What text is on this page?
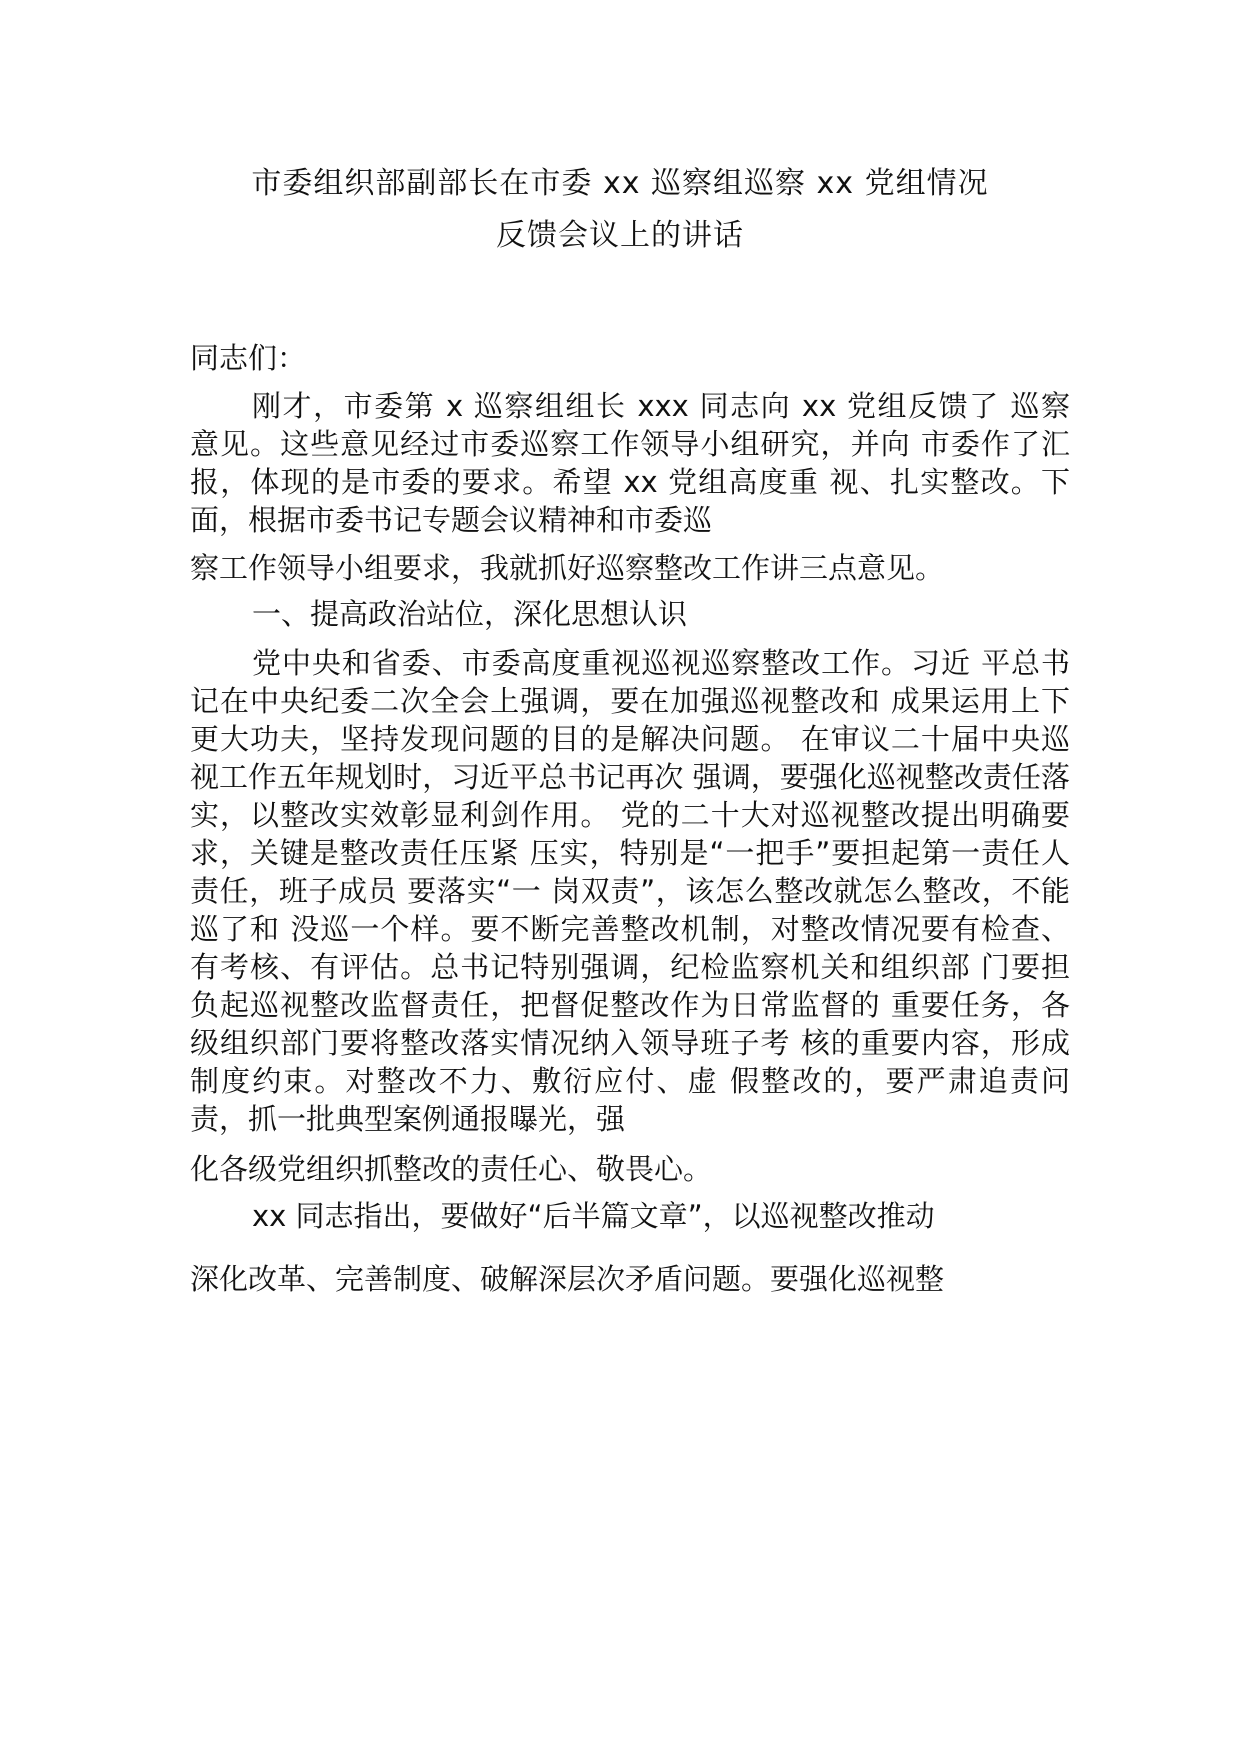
市委组织部副部长在市委 xx 巡察组巡察 xx 党组情况
反馈会议上的讲话
同志们：
刚才，市委第 x 巡察组组长 xxx 同志向 xx 党组反馈了 巡察
意见。这些意见经过市委巡察工作领导小组研究，并向 市委作了汇
报，体现的是市委的要求。希望 xx 党组高度重 视、扎实整改。下
面，根据市委书记专题会议精神和市委巡
察工作领导小组要求，我就抓好巡察整改工作讲三点意见。
一、提高政治站位，深化思想认识
党中央和省委、市委高度重视巡视巡察整改工作。习近 平总书
记在中央纪委二次全会上强调，要在加强巡视整改和 成果运用上下
更大功夫，坚持发现问题的目的是解决问题。 在审议二十届中央巡
视工作五年规划时，习近平总书记再次 强调，要强化巡视整改责任落
实，以整改实效彰显利剑作用。 党的二十大对巡视整改提出明确要
求，关键是整改责任压紧 压实，特别是“一把手”要担起第一责任人
责任，班子成员 要落实“一 岗双责”，该怎么整改就怎么整改，不能
巡了和 没巡一个样。要不断完善整改机制，对整改情况要有检查、
有考核、有评估。总书记特别强调，纪检监察机关和组织部 门要担
负起巡视整改监督责任，把督促整改作为日常监督的 重要任务，各
级组织部门要将整改落实情况纳入领导班子考 核的重要内容，形成
制度约束。对整改不力、敷衍应付、虚 假整改的，要严肃追责问
责，抓一批典型案例通报曝光，强
化各级党组织抓整改的责任心、敬畏心。
xx 同志指出，要做好“后半篇文章”，以巡视整改推动
深化改革、完善制度、破解深层次矛盾问题。要强化巡视整
